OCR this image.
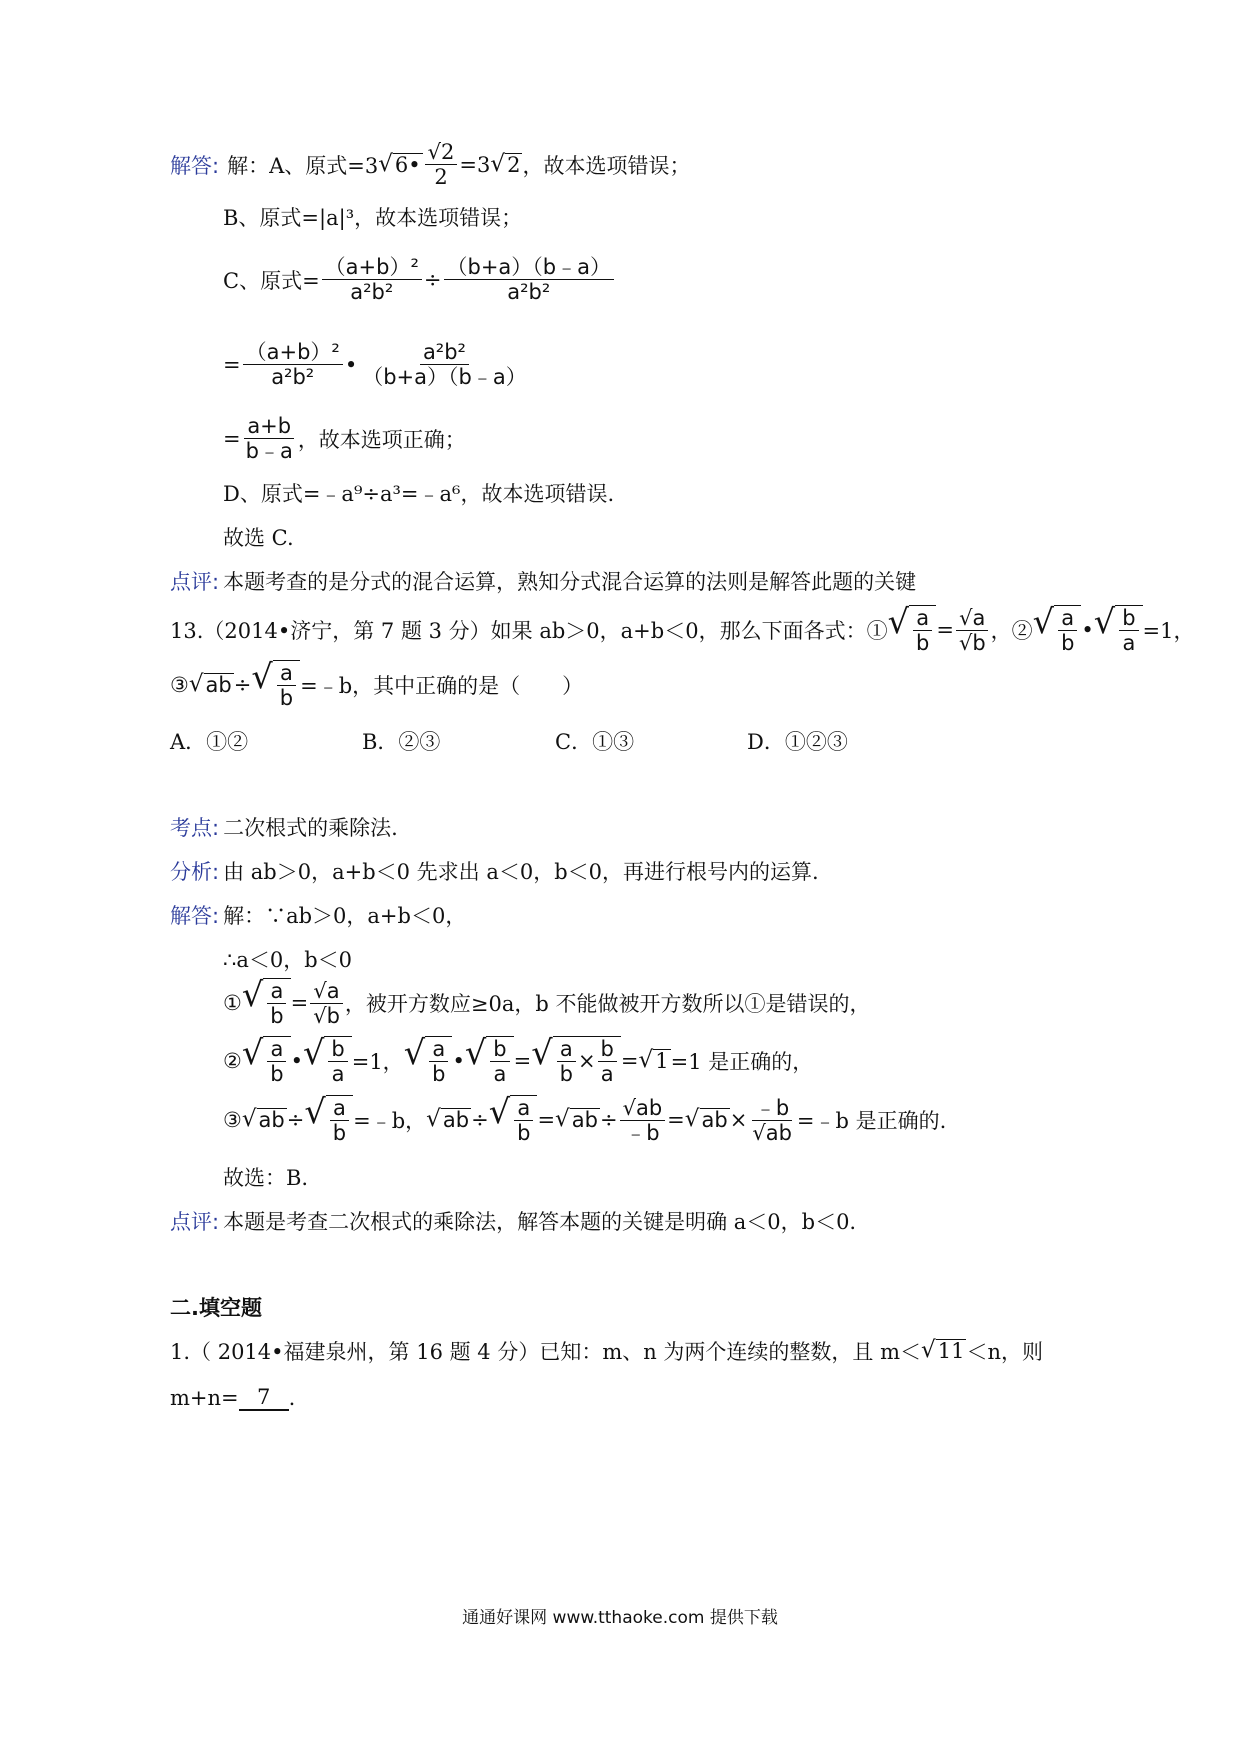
解答: 解：A、原式=3 √ 6• $\frac{√2}{2} =3$ √ 2 ，故本选项错误；
B、原式=|a|³，故本选项错误；
C、原式= $\frac{\text{（a+b）²}}{\text{a²b²}} \div \frac{(b+a)(b﹣a)}{\text{a²b²}}$
= $\frac{\text{（a+b）²}}{\text{a²b²}}$ • $\frac{\text{a²b²}}{(b+a)(b﹣a)}$
= $\frac{a+b}{b﹣a}$ ，故本选项正确；
D、原式=﹣a⁹÷a³=﹣a⁶，故本选项错误.
故选 C.
点评: 本题考查的是分式的混合运算，熟知分式混合运算的法则是解答此题的关键
13.（2014•济宁，第 7 题 3 分）如果 ab＞0，a+b＜0，那么下面各式：① √ $\frac{a}{b} = \frac{√a}{√b}$ ，② √ $\frac{a}{b}$ • √ $\frac{b}{a} =1$，
③ √ ab ÷ √ $\frac{a}{b}$ =﹣b，其中正确的是（　　）
A．①②	B．②③	C．①③	D．①②③
考点: 二次根式的乘除法.
分析: 由 ab＞0，a+b＜0 先求出 a＜0，b＜0，再进行根号内的运算.
解答: 解：∵ab＞0，a+b＜0，
∴a＜0，b＜0
① √ $\frac{a}{b} = \frac{√a}{√b}$ ，被开方数应≥0a，b 不能做被开方数所以①是错误的，
② √ $\frac{a}{b}$ • √ $\frac{b}{a} =1$， √ $\frac{a}{b}$ • √ $\frac{b}{a}$ = √ $\frac{a}{b} \times \frac{b}{a}$ = √ 1 =1 是正确的，
③ √ ab ÷ √ $\frac{a}{b}$ =﹣b， √ ab ÷ √ $\frac{a}{b}$ = √ ab ÷ $\frac{√ab}{﹣b}$ = √ ab × $\frac{﹣b}{√ab}$ =﹣b 是正确的.
故选：B.
点评: 本题是考查二次根式的乘除法，解答本题的关键是明确 a＜0，b＜0.
二.填空题
1.（ 2014•福建泉州，第 16 题 4 分）已知：m、n 为两个连续的整数，且 m＜ √ 11 ＜n，则
m+n= 7 .
通通好课网 www.tthaoke.com 提供下载
